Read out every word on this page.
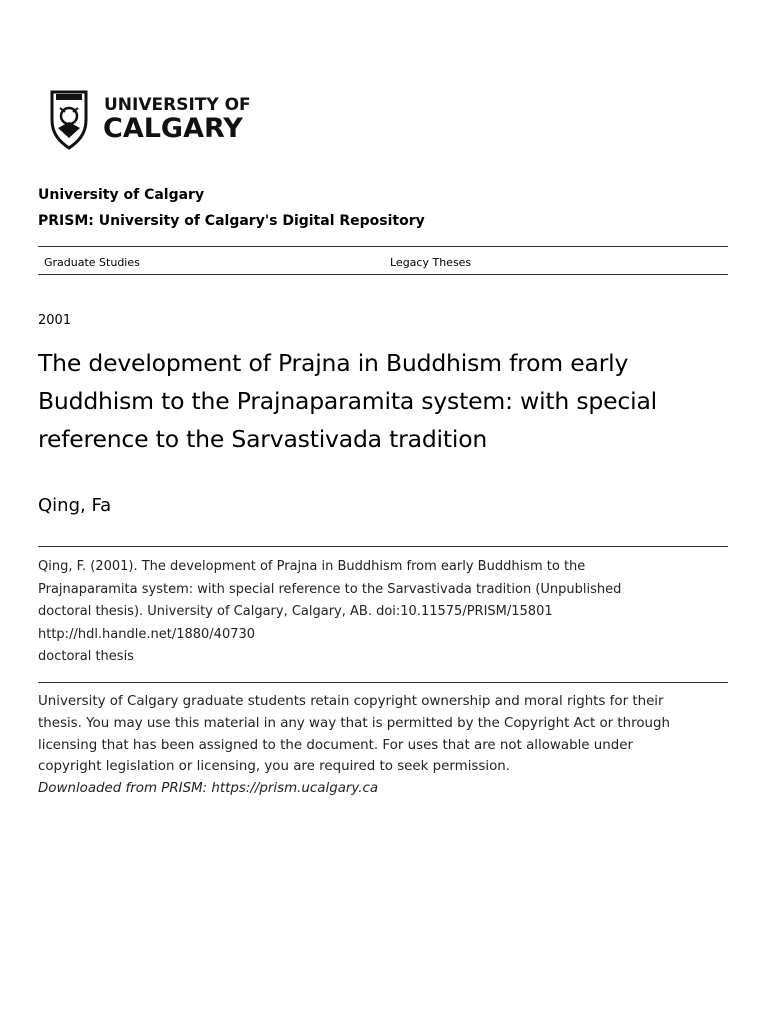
UNIVERSITY OF
CALGARY
University of Calgary
PRISM: University of Calgary's Digital Repository
Graduate Studies	Legacy Theses
2001
The development of Prajna in Buddhism from early Buddhism to the Prajnaparamita system: with special reference to the Sarvastivada tradition
Qing, Fa
Qing, F. (2001). The development of Prajna in Buddhism from early Buddhism to the
Prajnaparamita system: with special reference to the Sarvastivada tradition (Unpublished
doctoral thesis). University of Calgary, Calgary, AB. doi:10.11575/PRISM/15801
http://hdl.handle.net/1880/40730
doctoral thesis
University of Calgary graduate students retain copyright ownership and moral rights for their
thesis. You may use this material in any way that is permitted by the Copyright Act or through
licensing that has been assigned to the document. For uses that are not allowable under
copyright legislation or licensing, you are required to seek permission.
Downloaded from PRISM: https://prism.ucalgary.ca
